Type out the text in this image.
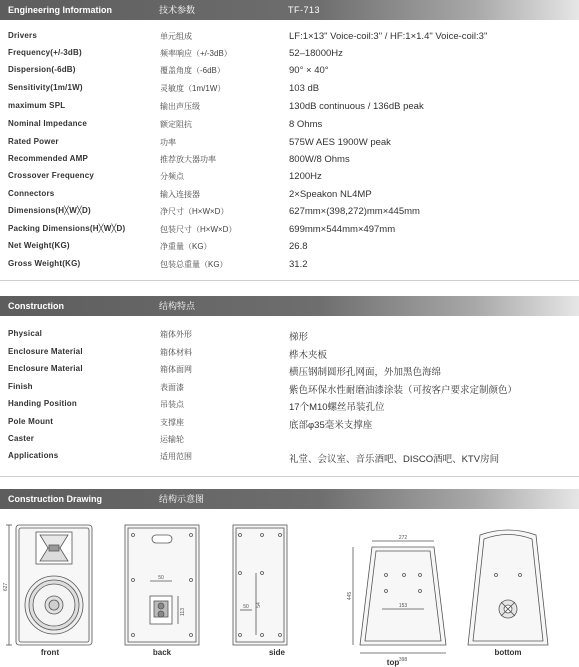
Engineering Information	技术参数	TF-713
Drivers	单元组成	LF:1×13" Voice-coil:3" / HF:1×1.4" Voice-coil:3"
Frequency(+/-3dB)	频率响应（+/-3dB）	52–18000Hz
Dispersion(-6dB)	覆盖角度（-6dB）	90° × 40°
Sensitivity(1m/1W)	灵敏度（1m/1W）	103 dB
maximum SPL	输出声压级	130dB continuous / 136dB peak
Nominal Impedance	额定阻抗	8 Ohms
Rated Power	功率	575W AES 1900W peak
Recommended AMP	推荐放大器功率	800W/8 Ohms
Crossover Frequency	分频点	1200Hz
Connectors	输入连接器	2×Speakon NL4MP
Dimensions(H╳W╳D)	净尺寸（H×W×D）	627mm×(398,272)mm×445mm
Packing Dimensions(H╳W╳D)	包装尺寸（H×W×D）	699mm×544mm×497mm
Net Weight(KG)	净重量（KG）	26.8
Gross Weight(KG)	包装总重量（KG）	31.2
Construction	结构特点
Physical	箱体外形	梯形
Enclosure Material	箱体材料	桦木夹板
Enclosure Material	箱体面网	横压钢制圆形孔网面，外加黑色海绵
Finish	表面漆	紫色环保水性耐磨油漆涂装（可按客户要求定制颜色）
Handing Position	吊装点	17个M10螺丝吊装孔位
Pole Mount	支撑座	底部φ35毫米支撑座
Caster	运输轮
Applications	适用范围	礼堂、会议室、音乐酒吧、DISCO酒吧、KTV房间
Construction Drawing	结构示意图
627
50
113
54
50
272
398
445
153
front	back	side
top
bottom
